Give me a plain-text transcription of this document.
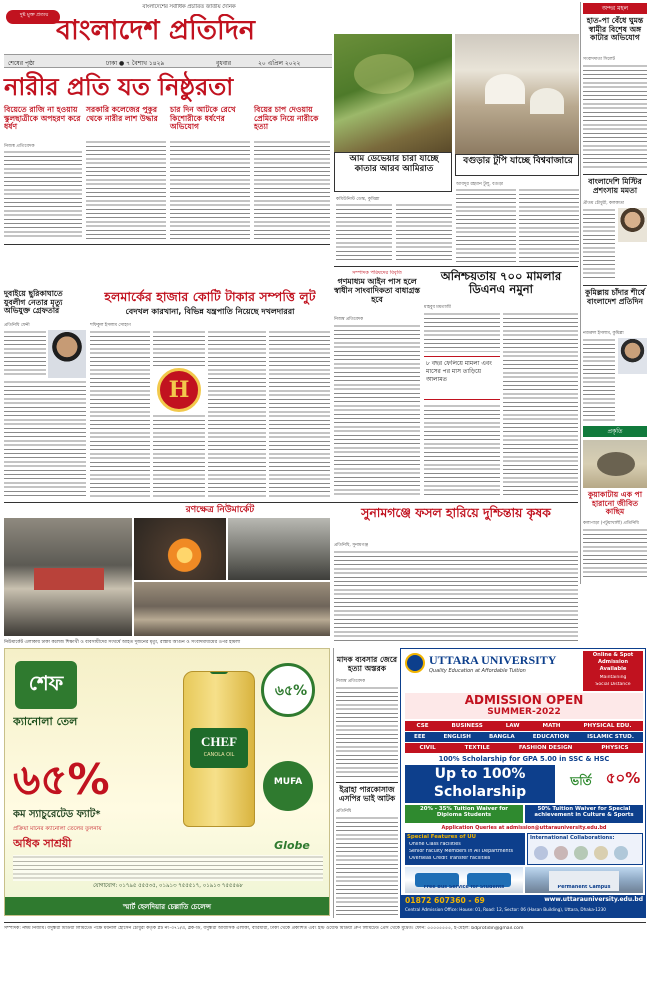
দুষ্ট মুক্ত প্রত্যয়
বাংলাদেশের সর্বাধিক প্রচারিত জাতীয় দৈনিক
বাংলাদেশ প্রতিদিন
শেষের পৃষ্ঠা	ঢাকা ● ৭ বৈশাখ ১৪২৯	বুধবার	২০ এপ্রিল ২০২২
নারীর প্রতি যত নিষ্ঠুরতা
বিয়েতে রাজি না হওয়ায় স্কুলছাত্রীকে অপহরণ করে ধর্ষণ
সরকারি কলেজের পুকুর থেকে নারীর লাশ উদ্ধার
চার দিন আটকে রেখে কিশোরীকে ধর্ষণের অভিযোগ
বিয়ের চাপ দেওয়ায় প্রেমিকে নিয়ে নারীকে হত্যা
নিজস্ব প্রতিবেদক
আম ডেভেয়ার চারা যাচ্ছে কাতার আরব আমিরাত
কমিউনিস্ট ডেস্ক, কুমিল্লা
বগুড়ার টুপি যাচ্ছে বিশ্ববাজারে
আবদুর রহমান টুলু, বগুড়া
অন্দর মহল
হাত-পা বেঁধে ঘুমন্ত স্বামীর বিশেষ অঙ্গ কাটার অভিযোগ
সংবাদদাতা সিলেট
বাংলাদেশি মিস্টির প্রশংসায় মমতা
প্রীতম চৌধুরী, কলকাতা
কুমিল্লায় চাঁদার শীর্ষে বাংলাদেশ প্রতিদিন
নজরুল ইসলাম, কুমিল্লা
প্রকৃতি
কুয়াকাটায় এক পা হারানো জীবিত কাছিম
কলাপাড়া (পটুয়াখালী) প্রতিনিধি
দুবাইয়ে ছুরিকাঘাতে যুবলীগ নেতার মৃত্যু অভিযুক্ত গ্রেফতার
প্রতিনিধি ফেনী
হলমার্কের হাজার কোটি টাকার সম্পত্তি লুট
বেদখল কারখানা, বিভিন্ন যন্ত্রপাতি নিয়েছে দখলদাররা
শফিকুল ইসলাম সোহাগ
H
সম্পাদক পরিষদের বিবৃতি
গণমাধ্যম আইন পাস হলে স্বাধীন সাংবাদিকতা বাধাগ্রস্ত হবে
নিজস্ব প্রতিবেদক
অনিশ্চয়তায় ৭০০ মামলার ডিএনএ নমুনা
মাহবুব মমতাজী
৮ বছর ফেলিয়ে মামলা এবং মাসের পর মাস তাড়িয়ে আলামত
রণক্ষেত্র নিউমার্কেট
নিউমার্কেট এলাকায় ঢাকা কলেজ শিক্ষার্থী ও ব্যবসায়ীদের সংঘর্ষে আহত দুজনের মৃত্যু, রাস্তায় আগুন ও সংবাদমাধ্যমের ওপর হামলা
সুনামগঞ্জে ফসল হারিয়ে দুশ্চিন্তায় কৃষক
প্রতিনিধি, সুনামগঞ্জ
শেফ
ক্যানোলা তেল
৬৫%
কম স্যাচুরেটেড ফ্যাট*
প্রক্রিয়া মানের ক্যানোলা তেলের তুলনায়
অধিক সাশ্রয়ী
CHEF
CANOLA OIL
৬৫%
MUFA
Globe
যোগাযোগ: ০১৭৯৫ ৫৫৫৩৫, ০১৯১৩ ৭৫৫৫১৭, ০১৯১৩ ৭৫৫৫৬৮
স্মার্ট হেলদিয়ার চেল্লাতি চেলেন্স
মাদক ব্যবসার জেরে হত্যা অস্তরক
নিজস্ব প্রতিবেদক
ইব্রাহা পারকোসাজ এসপির ভাই আটক
প্রতিনিধি
UTTARA UNIVERSITY
Quality Education at Affordable Tuition
Online & Spot
Admission
Available
Maintaining
Social Distance
ADMISSION OPEN
SUMMER-2022
CSE	BUSINESS	LAW	MATH	PHYSICAL EDU.
EEE	ENGLISH	BANGLA	EDUCATION	ISLAMIC STUD.
CIVIL	TEXTILE	FASHION DESIGN	PHYSICS
100% Scholarship for GPA 5.00 in SSC & HSC
Up to 100%
Scholarship
ভর্তি ৫০%
20% - 35% Tuition Waiver for Diploma Students
50% Tuition Waiver for Special achievement in Culture & Sports
Application Queries at admission@uttarauniversity.edu.bd
Special Features of UU
Online Class Facilities
Senior Faculty Members in All Departments
Overseas Credit Transfer Facilities
International Collaborations:
Free Bus Service for Students	Permanent Campus
01872 607360 - 69	www.uttarauniversity.edu.bd
Central Admission Office: House: 01, Road: 12, Sector: 06 (Hasan Building), Uttara, Dhaka-1230
সম্পাদক: নঈম নিজাম। বসুন্ধরা মিডিয়া লিমিটেড পক্ষে ময়নাল হোসেন চৌধুরী কর্তৃক প্লট নং-৩৭১/এ, ব্লক-ডি, বসুন্ধরা আবাসিক এলাকা, বারিধারা, ঢাকা থেকে প্রকাশিত এবং ইস্ট ওয়েস্ট মিডিয়া গ্রুপ লিমিটেড প্রেস থেকে মুদ্রিত। ফোন: ৫৫৫৫৫৫৫৫, ই-মেইল: bdprotidin@gmail.com
